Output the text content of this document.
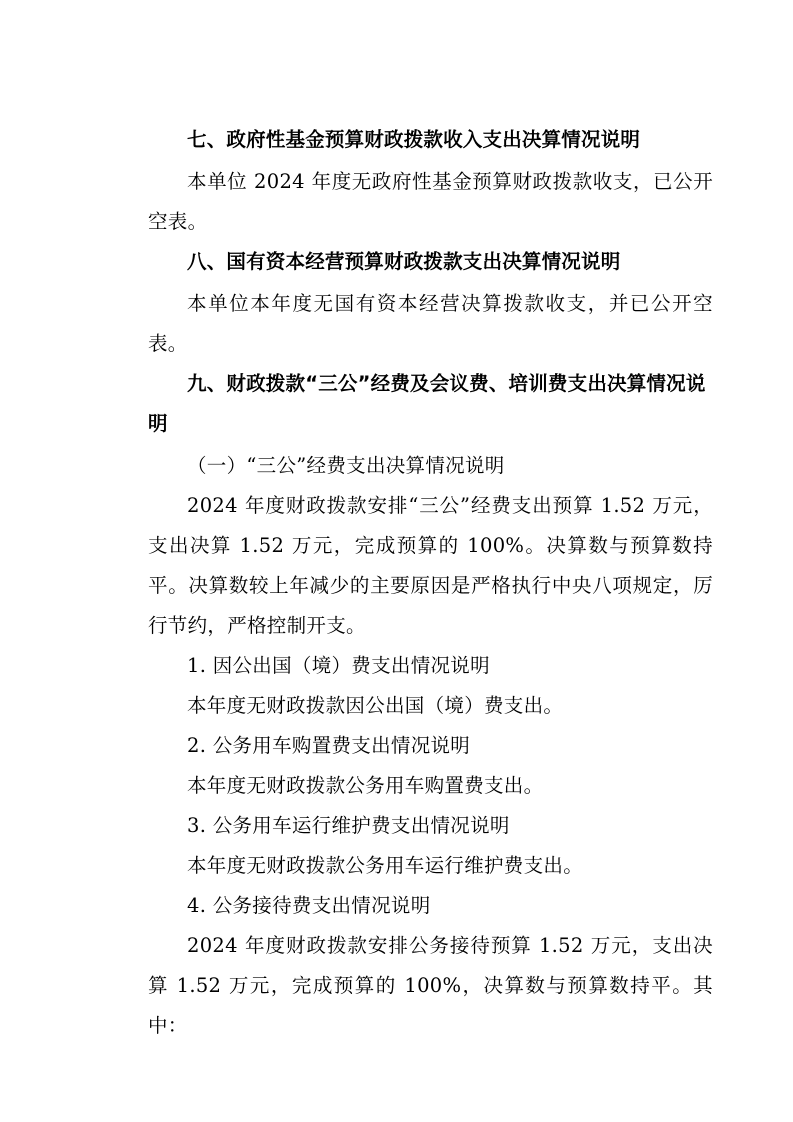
七、政府性基金预算财政拨款收入支出决算情况说明

本单位 2024 年度无政府性基金预算财政拨款收支，已公开空表。

八、国有资本经营预算财政拨款支出决算情况说明

本单位本年度无国有资本经营决算拨款收支，并已公开空表。

九、财政拨款“三公”经费及会议费、培训费支出决算情况说明

（一）“三公”经费支出决算情况说明

2024 年度财政拨款安排“三公”经费支出预算 1.52 万元，支出决算 1.52 万元，完成预算的 100%。决算数与预算数持平。决算数较上年减少的主要原因是严格执行中央八项规定，厉行节约，严格控制开支。

1. 因公出国（境）费支出情况说明

本年度无财政拨款因公出国（境）费支出。

2. 公务用车购置费支出情况说明

本年度无财政拨款公务用车购置费支出。

3. 公务用车运行维护费支出情况说明

本年度无财政拨款公务用车运行维护费支出。

4. 公务接待费支出情况说明

2024 年度财政拨款安排公务接待预算 1.52 万元，支出决算 1.52 万元，完成预算的 100%，决算数与预算数持平。其中：
